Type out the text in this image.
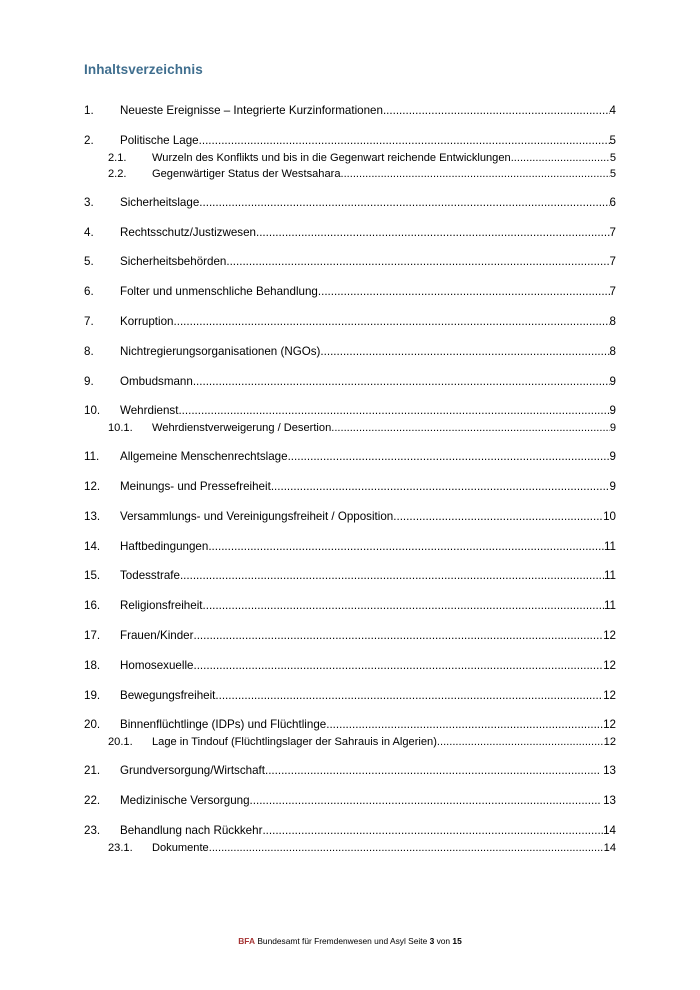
Inhaltsverzeichnis
1.	Neueste Ereignisse – Integrierte Kurzinformationen .....	4
2.	Politische Lage .....	5
2.1.	Wurzeln des Konflikts und bis in die Gegenwart reichende Entwicklungen .....	5
2.2.	Gegenwärtiger Status der Westsahara .....	5
3.	Sicherheitslage .....	6
4.	Rechtsschutz/Justizwesen .....	7
5.	Sicherheitsbehörden .....	7
6.	Folter und unmenschliche Behandlung .....	7
7.	Korruption .....	8
8.	Nichtregierungsorganisationen (NGOs) .....	8
9.	Ombudsmann .....	9
10.	Wehrdienst .....	9
10.1.	Wehrdienstverweigerung / Desertion .....	9
11.	Allgemeine Menschenrechtslage .....	9
12.	Meinungs- und Pressefreiheit .....	9
13.	Versammlungs- und Vereinigungsfreiheit / Opposition .....	10
14.	Haftbedingungen .....	11
15.	Todesstrafe .....	11
16.	Religionsfreiheit .....	11
17.	Frauen/Kinder .....	12
18.	Homosexuelle .....	12
19.	Bewegungsfreiheit .....	12
20.	Binnenflüchtlinge (IDPs) und Flüchtlinge .....	12
20.1.	Lage in Tindouf (Flüchtlingslager der Sahrauis in Algerien) .....	12
21.	Grundversorgung/Wirtschaft .....	13
22.	Medizinische Versorgung .....	13
23.	Behandlung nach Rückkehr .....	14
23.1.	Dokumente .....	14
BFA Bundesamt für Fremdenwesen und Asyl Seite 3 von 15
